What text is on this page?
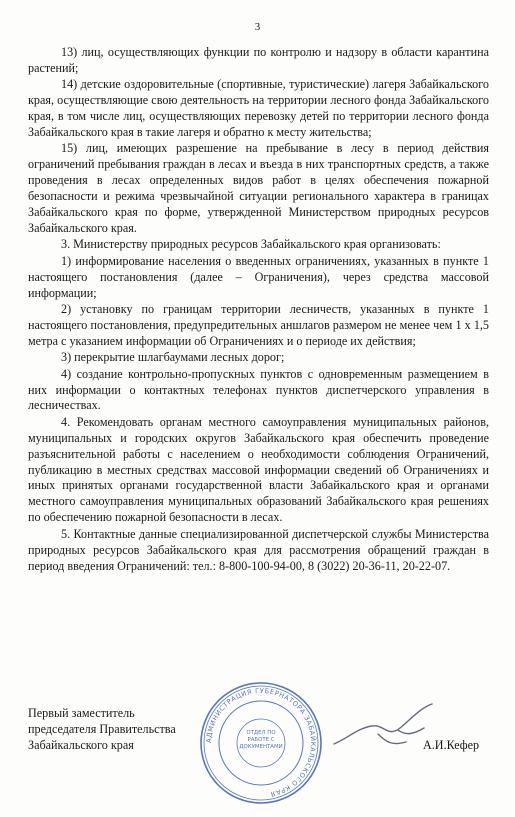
3

13) лиц, осуществляющих функции по контролю и надзору в области карантина растений;

14) детские оздоровительные (спортивные, туристические) лагеря Забайкальского края, осуществляющие свою деятельность на территории лесного фонда Забайкальского края, в том числе лиц, осуществляющих перевозку детей по территории лесного фонда Забайкальского края в такие лагеря и обратно к месту жительства;

15) лиц, имеющих разрешение на пребывание в лесу в период действия ограничений пребывания граждан в лесах и въезда в них транспортных средств, а также проведения в лесах определенных видов работ в целях обеспечения пожарной безопасности и режима чрезвычайной ситуации регионального характера в границах Забайкальского края по форме, утвержденной Министерством природных ресурсов Забайкальского края.

3. Министерству природных ресурсов Забайкальского края организовать:

1) информирование населения о введенных ограничениях, указанных в пункте 1 настоящего постановления (далее – Ограничения), через средства массовой информации;

2) установку по границам территории лесничеств, указанных в пункте 1 настоящего постановления, предупредительных аншлагов размером не менее чем 1 х 1,5 метра с указанием информации об Ограничениях и о периоде их действия;

3) перекрытие шлагбаумами лесных дорог;

4) создание контрольно-пропускных пунктов с одновременным размещением в них информации о контактных телефонах пунктов диспетчерского управления в лесничествах.

4. Рекомендовать органам местного самоуправления муниципальных районов, муниципальных и городских округов Забайкальского края обеспечить проведение разъяснительной работы с населением о необходимости соблюдения Ограничений, публикацию в местных средствах массовой информации сведений об Ограничениях и иных принятых органами государственной власти Забайкальского края и органами местного самоуправления муниципальных образований Забайкальского края решениях по обеспечению пожарной безопасности в лесах.

5. Контактные данные специализированной диспетчерской службы Министерства природных ресурсов Забайкальского края для рассмотрения обращений граждан в период введения Ограничений: тел.: 8-800-100-94-00, 8 (3022) 20-36-11, 20-22-07.

Первый заместитель
председателя Правительства
Забайкальского края	АДМИНИСТРАЦИЯ ГУБЕРНАТОРА ЗАБАЙКАЛЬСКОГО КРАЯ
ОТДЕЛ ПО РАБОТЕ С ДОКУМЕНТАМИ	А.И.Кефер
